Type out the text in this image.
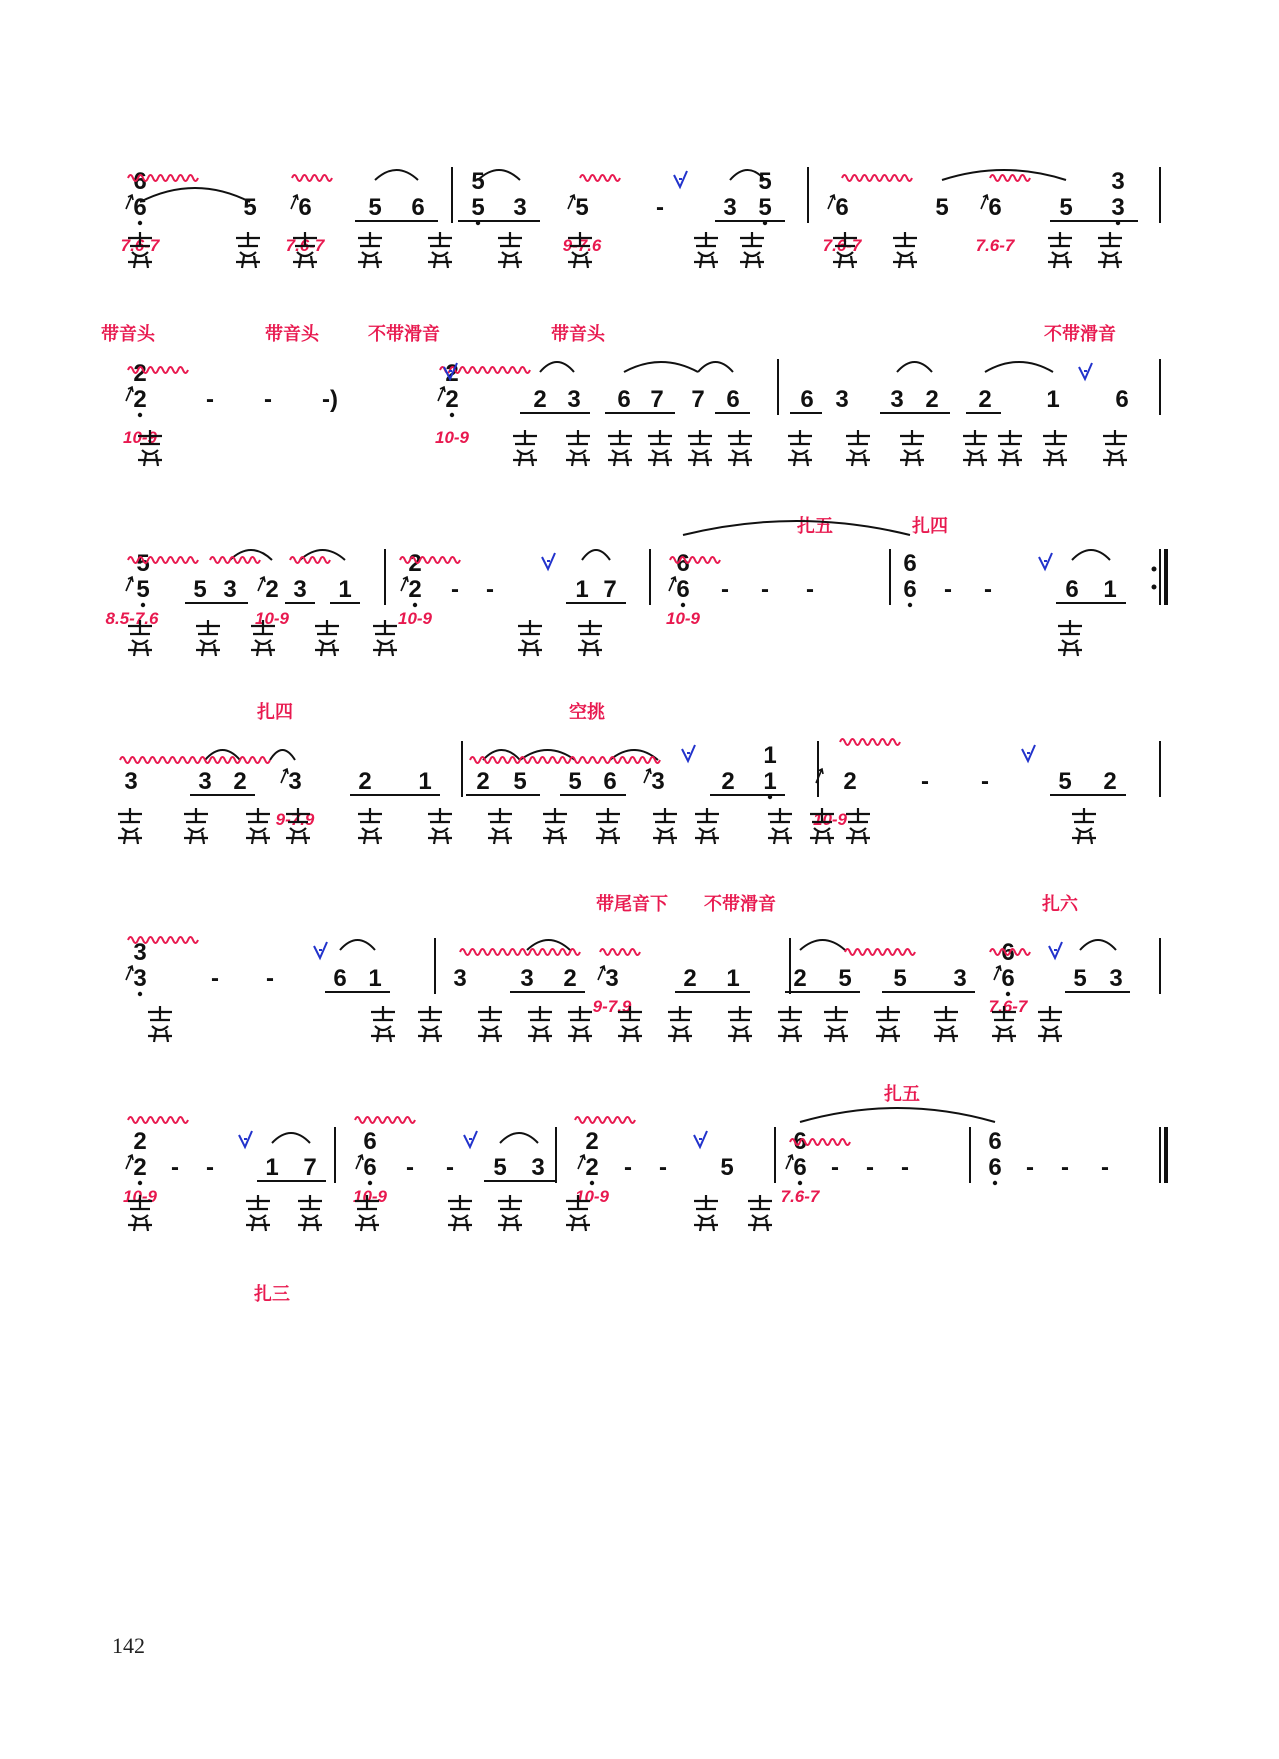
6
6
5 6 5 6 5
5
3 5	- 3 5
5
6	5 6 5 3
3
7.6-7	7.6-7	9-7.6	7.6-7	7.6-7
带音头	带音头	不带滑音	带音头	不带滑音
2
2
- - -)	2
2
2 3 6 7 7 6	6 3 3 2 2 1 6
10-9	10-9
扎五	扎四
5
5
5 3 2 3 1 2
2
- -	1 7 6
6
- - -	6
6
- -	6 1
8.5-7.6	10-9	10-9	10-9
扎四	空挑
3	3 2 3 2 1 2 5 5 6 3 2 1
1
2	- -	5 2
9-7.9	10-9
带尾音下 不带滑音	扎六
3
3
- - 6 1	3 3 2 3	2 1 2 5 5 3 6
6
5 3
9-7.9	7.6-7
扎五
2
2
- - 1 7 6
6
- - 5 3 2
2
- - 5 6
6
- - -	6
6
- - -
10-9	10-9	10-9	7.6-7
扎三
142
